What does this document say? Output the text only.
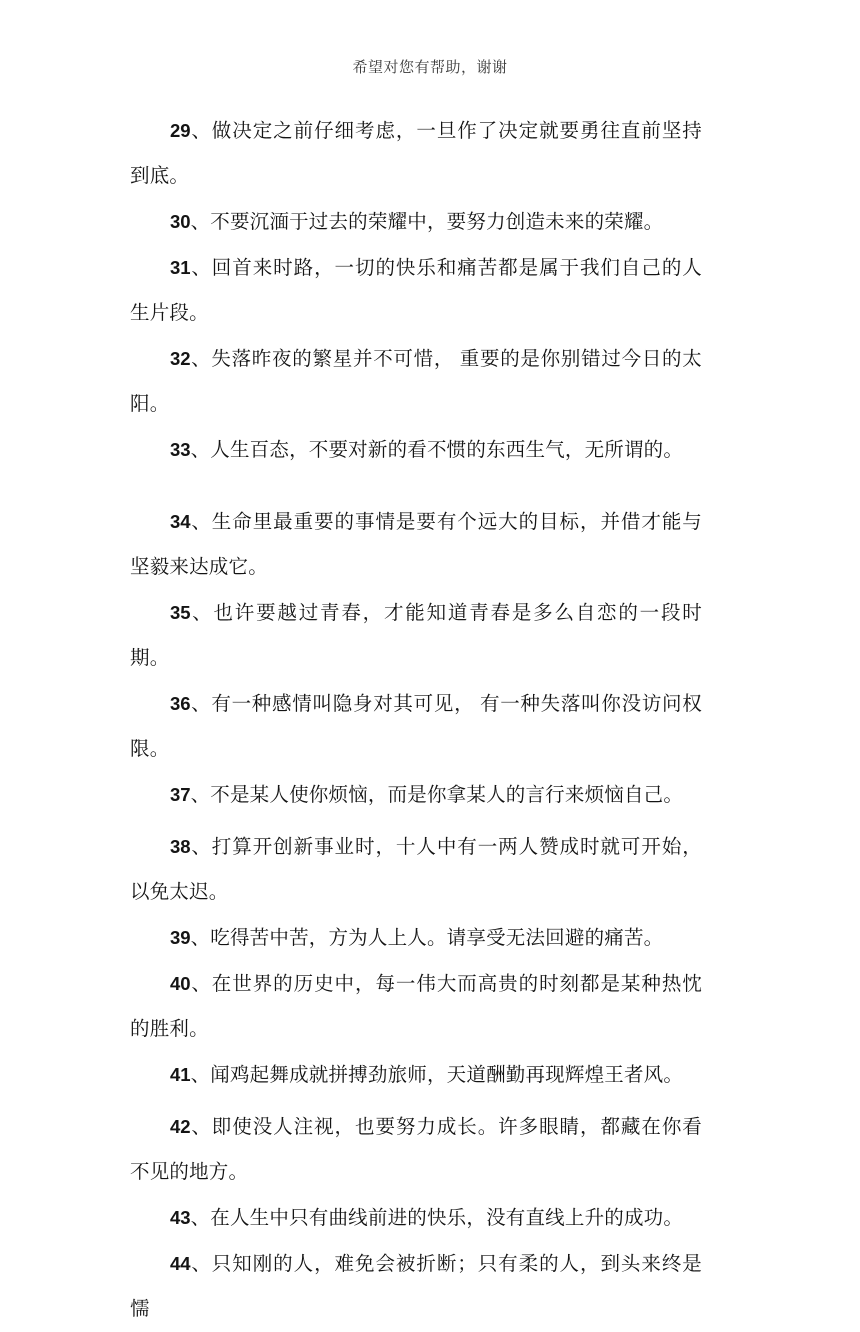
希望对您有帮助，谢谢

29、做决定之前仔细考虑，一旦作了决定就要勇往直前坚持到底。

30、不要沉湎于过去的荣耀中，要努力创造未来的荣耀。

31、回首来时路，一切的快乐和痛苦都是属于我们自己的人生片段。

32、失落昨夜的繁星并不可惜， 重要的是你别错过今日的太阳。

33、人生百态，不要对新的看不惯的东西生气，无所谓的。

34、生命里最重要的事情是要有个远大的目标，并借才能与坚毅来达成它。

35、也许要越过青春，才能知道青春是多么自恋的一段时期。

36、有一种感情叫隐身对其可见， 有一种失落叫你没访问权限。

37、不是某人使你烦恼，而是你拿某人的言行来烦恼自己。

38、打算开创新事业时，十人中有一两人赞成时就可开始，以免太迟。

39、吃得苦中苦，方为人上人。请享受无法回避的痛苦。

40、在世界的历史中，每一伟大而高贵的时刻都是某种热忱的胜利。

41、闻鸡起舞成就拼搏劲旅师，天道酬勤再现辉煌王者风。

42、即使没人注视，也要努力成长。许多眼睛，都藏在你看不见的地方。

43、在人生中只有曲线前进的快乐，没有直线上升的成功。

44、只知刚的人，难免会被折断；只有柔的人，到头来终是懦
